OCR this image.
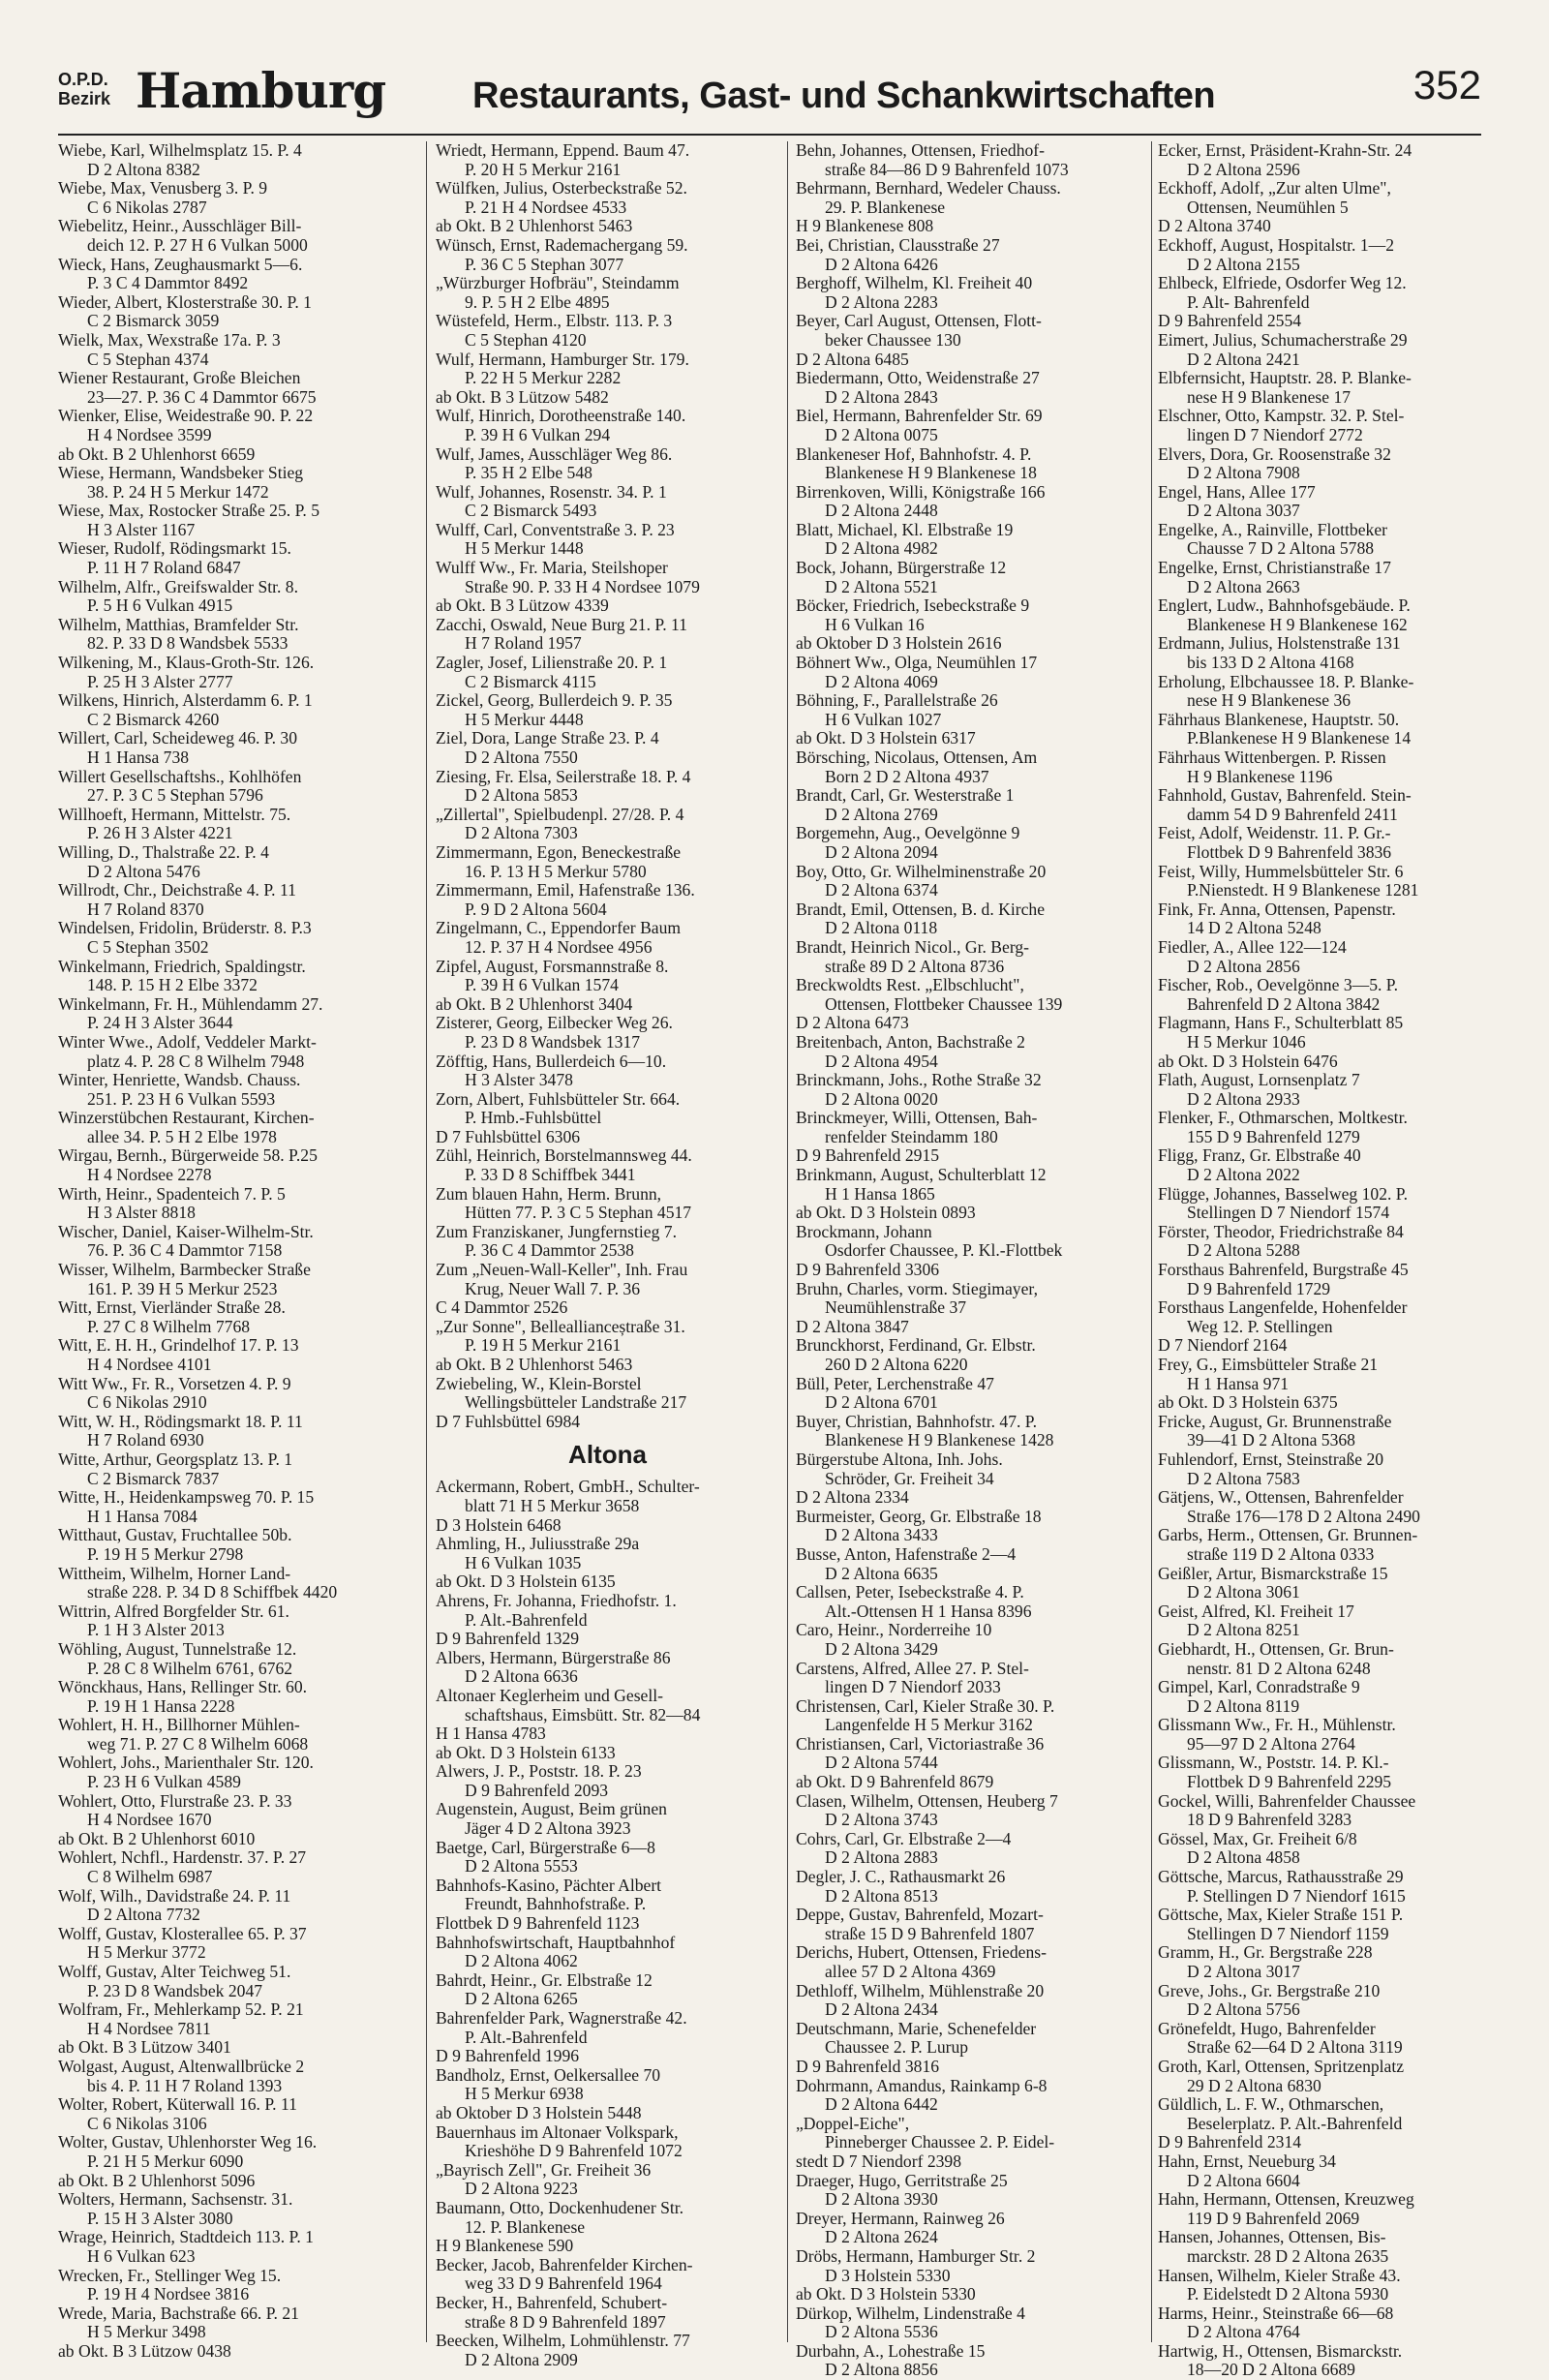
O.P.D.
Bezirk Hamburg Restaurants, Gast- und Schankwirtschaften	352
Wiebe, Karl, Wilhelmsplatz 15. P. 4
D 2 Altona 8382
Wiebe, Max, Venusberg 3. P. 9
C 6 Nikolas 2787
Wiebelitz, Heinr., Ausschläger Bill-
deich 12. P. 27 H 6 Vulkan 5000
Wieck, Hans, Zeughausmarkt 5—6.
P. 3 C 4 Dammtor 8492
Wieder, Albert, Klosterstraße 30. P. 1
C 2 Bismarck 3059
Wielk, Max, Wexstraße 17a. P. 3
C 5 Stephan 4374
Wiener Restaurant, Große Bleichen
23—27. P. 36 C 4 Dammtor 6675
Wienker, Elise, Weidestraße 90. P. 22
H 4 Nordsee 3599
ab Okt. B 2 Uhlenhorst 6659
Wiese, Hermann, Wandsbeker Stieg
38. P. 24 H 5 Merkur 1472
Wiese, Max, Rostocker Straße 25. P. 5
H 3 Alster 1167
Wieser, Rudolf, Rödingsmarkt 15.
P. 11 H 7 Roland 6847
Wilhelm, Alfr., Greifswalder Str. 8.
P. 5 H 6 Vulkan 4915
Wilhelm, Matthias, Bramfelder Str.
82. P. 33 D 8 Wandsbek 5533
Wilkening, M., Klaus-Groth-Str. 126.
P. 25 H 3 Alster 2777
Wilkens, Hinrich, Alsterdamm 6. P. 1
C 2 Bismarck 4260
Willert, Carl, Scheideweg 46. P. 30
H 1 Hansa 738
Willert Gesellschaftshs., Kohlhöfen
27. P. 3 C 5 Stephan 5796
Willhoeft, Hermann, Mittelstr. 75.
P. 26 H 3 Alster 4221
Willing, D., Thalstraße 22. P. 4
D 2 Altona 5476
Willrodt, Chr., Deichstraße 4. P. 11
H 7 Roland 8370
Windelsen, Fridolin, Brüderstr. 8. P.3
C 5 Stephan 3502
Winkelmann, Friedrich, Spaldingstr.
148. P. 15 H 2 Elbe 3372
Winkelmann, Fr. H., Mühlendamm 27.
P. 24 H 3 Alster 3644
Winter Wwe., Adolf, Veddeler Markt-
platz 4. P. 28 C 8 Wilhelm 7948
Winter, Henriette, Wandsb. Chauss.
251. P. 23 H 6 Vulkan 5593
Winzerstübchen Restaurant, Kirchen-
allee 34. P. 5 H 2 Elbe 1978
Wirgau, Bernh., Bürgerweide 58. P.25
H 4 Nordsee 2278
Wirth, Heinr., Spadenteich 7. P. 5
H 3 Alster 8818
Wischer, Daniel, Kaiser-Wilhelm-Str.
76. P. 36 C 4 Dammtor 7158
Wisser, Wilhelm, Barmbecker Straße
161. P. 39 H 5 Merkur 2523
Witt, Ernst, Vierländer Straße 28.
P. 27 C 8 Wilhelm 7768
Witt, E. H. H., Grindelhof 17. P. 13
H 4 Nordsee 4101
Witt Ww., Fr. R., Vorsetzen 4. P. 9
C 6 Nikolas 2910
Witt, W. H., Rödingsmarkt 18. P. 11
H 7 Roland 6930
Witte, Arthur, Georgsplatz 13. P. 1
C 2 Bismarck 7837
Witte, H., Heidenkampsweg 70. P. 15
H 1 Hansa 7084
Witthaut, Gustav, Fruchtallee 50b.
P. 19 H 5 Merkur 2798
Wittheim, Wilhelm, Horner Land-
straße 228. P. 34 D 8 Schiffbek 4420
Wittrin, Alfred Borgfelder Str. 61.
P. 1 H 3 Alster 2013
Wöhling, August, Tunnelstraße 12.
P. 28 C 8 Wilhelm 6761, 6762
Wönckhaus, Hans, Rellinger Str. 60.
P. 19 H 1 Hansa 2228
Wohlert, H. H., Billhorner Mühlen-
weg 71. P. 27 C 8 Wilhelm 6068
Wohlert, Johs., Marienthaler Str. 120.
P. 23 H 6 Vulkan 4589
Wohlert, Otto, Flurstraße 23. P. 33
H 4 Nordsee 1670
ab Okt. B 2 Uhlenhorst 6010
Wohlert, Nchfl., Hardenstr. 37. P. 27
C 8 Wilhelm 6987
Wolf, Wilh., Davidstraße 24. P. 11
D 2 Altona 7732
Wolff, Gustav, Klosterallee 65. P. 37
H 5 Merkur 3772
Wolff, Gustav, Alter Teichweg 51.
P. 23 D 8 Wandsbek 2047
Wolfram, Fr., Mehlerkamp 52. P. 21
H 4 Nordsee 7811
ab Okt. B 3 Lützow 3401
Wolgast, August, Altenwallbrücke 2
bis 4. P. 11 H 7 Roland 1393
Wolter, Robert, Küterwall 16. P. 11
C 6 Nikolas 3106
Wolter, Gustav, Uhlenhorster Weg 16.
P. 21 H 5 Merkur 6090
ab Okt. B 2 Uhlenhorst 5096
Wolters, Hermann, Sachsenstr. 31.
P. 15 H 3 Alster 3080
Wrage, Heinrich, Stadtdeich 113. P. 1
H 6 Vulkan 623
Wrecken, Fr., Stellinger Weg 15.
P. 19 H 4 Nordsee 3816
Wrede, Maria, Bachstraße 66. P. 21
H 5 Merkur 3498
ab Okt. B 3 Lützow 0438
Wriedt, Hermann, Eppend. Baum 47.
P. 20 H 5 Merkur 2161
Wülfken, Julius, Osterbeckstraße 52.
P. 21 H 4 Nordsee 4533
ab Okt. B 2 Uhlenhorst 5463
Wünsch, Ernst, Rademachergang 59.
P. 36 C 5 Stephan 3077
„Würzburger Hofbräu", Steindamm
9. P. 5 H 2 Elbe 4895
Wüstefeld, Herm., Elbstr. 113. P. 3
C 5 Stephan 4120
Wulf, Hermann, Hamburger Str. 179.
P. 22 H 5 Merkur 2282
ab Okt. B 3 Lützow 5482
Wulf, Hinrich, Dorotheenstraße 140.
P. 39 H 6 Vulkan 294
Wulf, James, Ausschläger Weg 86.
P. 35 H 2 Elbe 548
Wulf, Johannes, Rosenstr. 34. P. 1
C 2 Bismarck 5493
Wulff, Carl, Conventstraße 3. P. 23
H 5 Merkur 1448
Wulff Ww., Fr. Maria, Steilshoper
Straße 90. P. 33 H 4 Nordsee 1079
ab Okt. B 3 Lützow 4339
Zacchi, Oswald, Neue Burg 21. P. 11
H 7 Roland 1957
Zagler, Josef, Lilienstraße 20. P. 1
C 2 Bismarck 4115
Zickel, Georg, Bullerdeich 9. P. 35
H 5 Merkur 4448
Ziel, Dora, Lange Straße 23. P. 4
D 2 Altona 7550
Ziesing, Fr. Elsa, Seilerstraße 18. P. 4
D 2 Altona 5853
„Zillertal", Spielbudenpl. 27/28. P. 4
D 2 Altona 7303
Zimmermann, Egon, Beneckestraße
16. P. 13 H 5 Merkur 5780
Zimmermann, Emil, Hafenstraße 136.
P. 9 D 2 Altona 5604
Zingelmann, C., Eppendorfer Baum
12. P. 37 H 4 Nordsee 4956
Zipfel, August, Forsmannstraße 8.
P. 39 H 6 Vulkan 1574
ab Okt. B 2 Uhlenhorst 3404
Zisterer, Georg, Eilbecker Weg 26.
P. 23 D 8 Wandsbek 1317
Zöfftig, Hans, Bullerdeich 6—10.
H 3 Alster 3478
Zorn, Albert, Fuhlsbütteler Str. 664.
P. Hmb.-Fuhlsbüttel
D 7 Fuhlsbüttel 6306
Zühl, Heinrich, Borstelmannsweg 44.
P. 33 D 8 Schiffbek 3441
Zum blauen Hahn, Herm. Brunn,
Hütten 77. P. 3 C 5 Stephan 4517
Zum Franziskaner, Jungfernstieg 7.
P. 36 C 4 Dammtor 2538
Zum „Neuen-Wall-Keller", Inh. Frau
Krug, Neuer Wall 7. P. 36
C 4 Dammtor 2526
„Zur Sonne", Belleallianceștraße 31.
P. 19 H 5 Merkur 2161
ab Okt. B 2 Uhlenhorst 5463
Zwiebeling, W., Klein-Borstel
Wellingsbütteler Landstraße 217
D 7 Fuhlsbüttel 6984
Altona
Ackermann, Robert, GmbH., Schulter-
blatt 71 H 5 Merkur 3658
D 3 Holstein 6468
Ahmling, H., Juliusstraße 29a
H 6 Vulkan 1035
ab Okt. D 3 Holstein 6135
Ahrens, Fr. Johanna, Friedhofstr. 1.
P. Alt.-Bahrenfeld
D 9 Bahrenfeld 1329
Albers, Hermann, Bürgerstraße 86
D 2 Altona 6636
Altonaer Keglerheim und Gesell-
schaftshaus, Eimsbütt. Str. 82—84
H 1 Hansa 4783
ab Okt. D 3 Holstein 6133
Alwers, J. P., Poststr. 18. P. 23
D 9 Bahrenfeld 2093
Augenstein, August, Beim grünen
Jäger 4 D 2 Altona 3923
Baetge, Carl, Bürgerstraße 6—8
D 2 Altona 5553
Bahnhofs-Kasino, Pächter Albert
Freundt, Bahnhofstraße. P.
Flottbek D 9 Bahrenfeld 1123
Bahnhofswirtschaft, Hauptbahnhof
D 2 Altona 4062
Bahrdt, Heinr., Gr. Elbstraße 12
D 2 Altona 6265
Bahrenfelder Park, Wagnerstraße 42.
P. Alt.-Bahrenfeld
D 9 Bahrenfeld 1996
Bandholz, Ernst, Oelkersallee 70
H 5 Merkur 6938
ab Oktober D 3 Holstein 5448
Bauernhaus im Altonaer Volkspark,
Krieshöhe D 9 Bahrenfeld 1072
„Bayrisch Zell", Gr. Freiheit 36
D 2 Altona 9223
Baumann, Otto, Dockenhudener Str.
12. P. Blankenese
H 9 Blankenese 590
Becker, Jacob, Bahrenfelder Kirchen-
weg 33 D 9 Bahrenfeld 1964
Becker, H., Bahrenfeld, Schubert-
straße 8 D 9 Bahrenfeld 1897
Beecken, Wilhelm, Lohmühlenstr. 77
D 2 Altona 2909
Behn, Johannes, Ottensen, Friedhof-
straße 84—86 D 9 Bahrenfeld 1073
Behrmann, Bernhard, Wedeler Chauss.
29. P. Blankenese
H 9 Blankenese 808
Bei, Christian, Clausstraße 27
D 2 Altona 6426
Berghoff, Wilhelm, Kl. Freiheit 40
D 2 Altona 2283
Beyer, Carl August, Ottensen, Flott-
beker Chaussee 130
D 2 Altona 6485
Biedermann, Otto, Weidenstraße 27
D 2 Altona 2843
Biel, Hermann, Bahrenfelder Str. 69
D 2 Altona 0075
Blankeneser Hof, Bahnhofstr. 4. P.
Blankenese H 9 Blankenese 18
Birrenkoven, Willi, Königstraße 166
D 2 Altona 2448
Blatt, Michael, Kl. Elbstraße 19
D 2 Altona 4982
Bock, Johann, Bürgerstraße 12
D 2 Altona 5521
Böcker, Friedrich, Isebeckstraße 9
H 6 Vulkan 16
ab Oktober D 3 Holstein 2616
Böhnert Ww., Olga, Neumühlen 17
D 2 Altona 4069
Böhning, F., Parallelstraße 26
H 6 Vulkan 1027
ab Okt. D 3 Holstein 6317
Börsching, Nicolaus, Ottensen, Am
Born 2 D 2 Altona 4937
Brandt, Carl, Gr. Westerstraße 1
D 2 Altona 2769
Borgemehn, Aug., Oevelgönne 9
D 2 Altona 2094
Boy, Otto, Gr. Wilhelminenstraße 20
D 2 Altona 6374
Brandt, Emil, Ottensen, B. d. Kirche
D 2 Altona 0118
Brandt, Heinrich Nicol., Gr. Berg-
straße 89 D 2 Altona 8736
Breckwoldts Rest. „Elbschlucht",
Ottensen, Flottbeker Chaussee 139
D 2 Altona 6473
Breitenbach, Anton, Bachstraße 2
D 2 Altona 4954
Brinckmann, Johs., Rothe Straße 32
D 2 Altona 0020
Brinckmeyer, Willi, Ottensen, Bah-
renfelder Steindamm 180
D 9 Bahrenfeld 2915
Brinkmann, August, Schulterblatt 12
H 1 Hansa 1865
ab Okt. D 3 Holstein 0893
Brockmann, Johann
Osdorfer Chaussee, P. Kl.-Flottbek
D 9 Bahrenfeld 3306
Bruhn, Charles, vorm. Stiegimayer,
Neumühlenstraße 37
D 2 Altona 3847
Brunckhorst, Ferdinand, Gr. Elbstr.
260 D 2 Altona 6220
Büll, Peter, Lerchenstraße 47
D 2 Altona 6701
Buyer, Christian, Bahnhofstr. 47. P.
Blankenese H 9 Blankenese 1428
Bürgerstube Altona, Inh. Johs.
Schröder, Gr. Freiheit 34
D 2 Altona 2334
Burmeister, Georg, Gr. Elbstraße 18
D 2 Altona 3433
Busse, Anton, Hafenstraße 2—4
D 2 Altona 6635
Callsen, Peter, Isebeckstraße 4. P.
Alt.-Ottensen H 1 Hansa 8396
Caro, Heinr., Norderreihe 10
D 2 Altona 3429
Carstens, Alfred, Allee 27. P. Stel-
lingen D 7 Niendorf 2033
Christensen, Carl, Kieler Straße 30. P.
Langenfelde H 5 Merkur 3162
Christiansen, Carl, Victoriastraße 36
D 2 Altona 5744
ab Okt. D 9 Bahrenfeld 8679
Clasen, Wilhelm, Ottensen, Heuberg 7
D 2 Altona 3743
Cohrs, Carl, Gr. Elbstraße 2—4
D 2 Altona 2883
Degler, J. C., Rathausmarkt 26
D 2 Altona 8513
Deppe, Gustav, Bahrenfeld, Mozart-
straße 15 D 9 Bahrenfeld 1807
Derichs, Hubert, Ottensen, Friedens-
allee 57 D 2 Altona 4369
Dethloff, Wilhelm, Mühlenstraße 20
D 2 Altona 2434
Deutschmann, Marie, Schenefelder
Chaussee 2. P. Lurup
D 9 Bahrenfeld 3816
Dohrmann, Amandus, Rainkamp 6-8
D 2 Altona 6442
„Doppel-Eiche",
Pinneberger Chaussee 2. P. Eidel-
stedt D 7 Niendorf 2398
Draeger, Hugo, Gerritstraße 25
D 2 Altona 3930
Dreyer, Hermann, Rainweg 26
D 2 Altona 2624
Dröbs, Hermann, Hamburger Str. 2
D 3 Holstein 5330
ab Okt. D 3 Holstein 5330
Dürkop, Wilhelm, Lindenstraße 4
D 2 Altona 5536
Durbahn, A., Lohestraße 15
D 2 Altona 8856
Ecker, Ernst, Präsident-Krahn-Str. 24
D 2 Altona 2596
Eckhoff, Adolf, „Zur alten Ulme",
Ottensen, Neumühlen 5
D 2 Altona 3740
Eckhoff, August, Hospitalstr. 1—2
D 2 Altona 2155
Ehlbeck, Elfriede, Osdorfer Weg 12.
P. Alt- Bahrenfeld
D 9 Bahrenfeld 2554
Eimert, Julius, Schumacherstraße 29
D 2 Altona 2421
Elbfernsicht, Hauptstr. 28. P. Blanke-
nese H 9 Blankenese 17
Elschner, Otto, Kampstr. 32. P. Stel-
lingen D 7 Niendorf 2772
Elvers, Dora, Gr. Roosenstraße 32
D 2 Altona 7908
Engel, Hans, Allee 177
D 2 Altona 3037
Engelke, A., Rainville, Flottbeker
Chausse 7 D 2 Altona 5788
Engelke, Ernst, Christianstraße 17
D 2 Altona 2663
Englert, Ludw., Bahnhofsgebäude. P.
Blankenese H 9 Blankenese 162
Erdmann, Julius, Holstenstraße 131
bis 133 D 2 Altona 4168
Erholung, Elbchaussee 18. P. Blanke-
nese H 9 Blankenese 36
Fährhaus Blankenese, Hauptstr. 50.
P.Blankenese H 9 Blankenese 14
Fährhaus Wittenbergen. P. Rissen
H 9 Blankenese 1196
Fahnhold, Gustav, Bahrenfeld. Stein-
damm 54 D 9 Bahrenfeld 2411
Feist, Adolf, Weidenstr. 11. P. Gr.-
Flottbek D 9 Bahrenfeld 3836
Feist, Willy, Hummelsbütteler Str. 6
P.Nienstedt. H 9 Blankenese 1281
Fink, Fr. Anna, Ottensen, Papenstr.
14 D 2 Altona 5248
Fiedler, A., Allee 122—124
D 2 Altona 2856
Fischer, Rob., Oevelgönne 3—5. P.
Bahrenfeld D 2 Altona 3842
Flagmann, Hans F., Schulterblatt 85
H 5 Merkur 1046
ab Okt. D 3 Holstein 6476
Flath, August, Lornsenplatz 7
D 2 Altona 2933
Flenker, F., Othmarschen, Moltkestr.
155 D 9 Bahrenfeld 1279
Fligg, Franz, Gr. Elbstraße 40
D 2 Altona 2022
Flügge, Johannes, Basselweg 102. P.
Stellingen D 7 Niendorf 1574
Förster, Theodor, Friedrichstraße 84
D 2 Altona 5288
Forsthaus Bahrenfeld, Burgstraße 45
D 9 Bahrenfeld 1729
Forsthaus Langenfelde, Hohenfelder
Weg 12. P. Stellingen
D 7 Niendorf 2164
Frey, G., Eimsbütteler Straße 21
H 1 Hansa 971
ab Okt. D 3 Holstein 6375
Fricke, August, Gr. Brunnenstraße
39—41 D 2 Altona 5368
Fuhlendorf, Ernst, Steinstraße 20
D 2 Altona 7583
Gätjens, W., Ottensen, Bahrenfelder
Straße 176—178 D 2 Altona 2490
Garbs, Herm., Ottensen, Gr. Brunnen-
straße 119 D 2 Altona 0333
Geißler, Artur, Bismarckstraße 15
D 2 Altona 3061
Geist, Alfred, Kl. Freiheit 17
D 2 Altona 8251
Giebhardt, H., Ottensen, Gr. Brun-
nenstr. 81 D 2 Altona 6248
Gimpel, Karl, Conradstraße 9
D 2 Altona 8119
Glissmann Ww., Fr. H., Mühlenstr.
95—97 D 2 Altona 2764
Glissmann, W., Poststr. 14. P. Kl.-
Flottbek D 9 Bahrenfeld 2295
Gockel, Willi, Bahrenfelder Chaussee
18 D 9 Bahrenfeld 3283
Gössel, Max, Gr. Freiheit 6/8
D 2 Altona 4858
Göttsche, Marcus, Rathausstraße 29
P. Stellingen D 7 Niendorf 1615
Göttsche, Max, Kieler Straße 151 P.
Stellingen D 7 Niendorf 1159
Gramm, H., Gr. Bergstraße 228
D 2 Altona 3017
Greve, Johs., Gr. Bergstraße 210
D 2 Altona 5756
Grönefeldt, Hugo, Bahrenfelder
Straße 62—64 D 2 Altona 3119
Groth, Karl, Ottensen, Spritzenplatz
29 D 2 Altona 6830
Güldlich, L. F. W., Othmarschen,
Beselerplatz. P. Alt.-Bahrenfeld
D 9 Bahrenfeld 2314
Hahn, Ernst, Neueburg 34
D 2 Altona 6604
Hahn, Hermann, Ottensen, Kreuzweg
119 D 9 Bahrenfeld 2069
Hansen, Johannes, Ottensen, Bis-
marckstr. 28 D 2 Altona 2635
Hansen, Wilhelm, Kieler Straße 43.
P. Eidelstedt D 2 Altona 5930
Harms, Heinr., Steinstraße 66—68
D 2 Altona 4764
Hartwig, H., Ottensen, Bismarckstr.
18—20 D 2 Altona 6689
